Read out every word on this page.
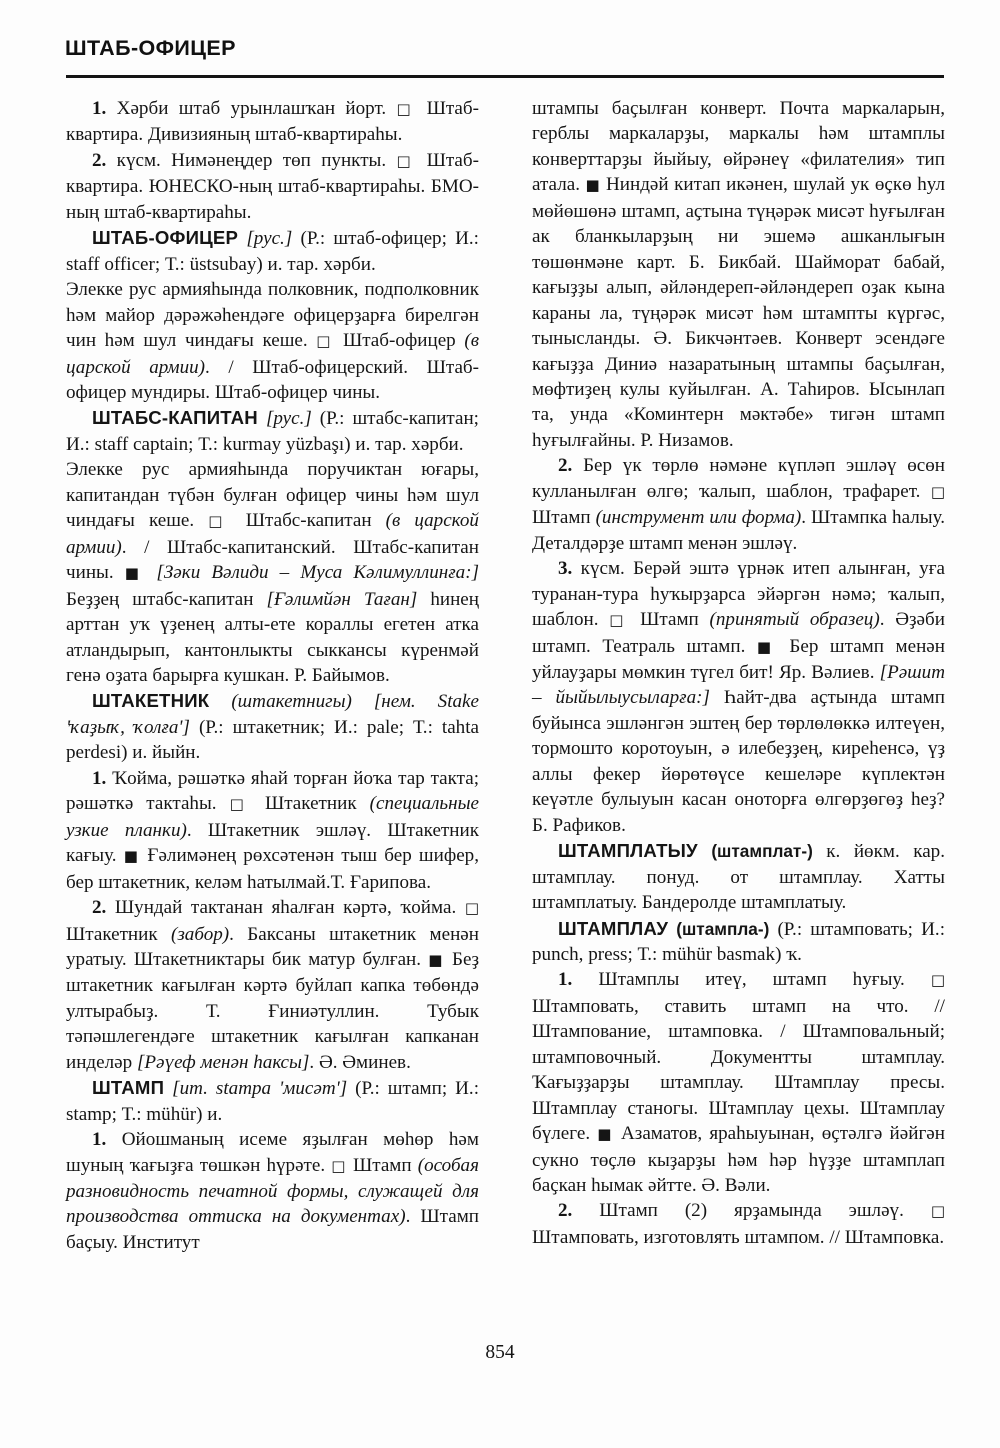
ШТАБ-ОФИЦЕР

1. Хәрби штаб урынлашҡан йорт. □ Штаб-квартира. Дивизияның штаб-квартираһы.

2. күсм. Нимәнеңдер төп пункты. □ Штаб-квартира. ЮНЕСКО-ның штаб-квартираһы. БМО-ның штаб-квартираһы.

ШТАБ-ОФИЦЕР [рус.] (Р.: штаб-офицер; И.: staff officer; Т.: üstsubay) и. тар. хәрби.

Элекке рус армияһында полковник, подполковник һәм майор дәрәжәһендәге офицерҙарға бирелгән чин һәм шул чиндағы кеше. □ Штаб-офицер (в царской армии). / Штаб-офицерский. Штаб-офицер мундиры. Штаб-офицер чины.

ШТАБС-КАПИТАН [рус.] (Р.: штабс-капитан; И.: staff captain; Т.: kurmay yüzbaşı) и. тар. хәрби.

Элекке рус армияһында поручиктан юғары, капитандан түбән булған офицер чины һәм шул чиндағы кеше. □ Штабс-капитан (в царской армии). / Штабс-капитанский. Штабс-капитан чины. ■ [Зәки Вәлиди – Муса Кәлимуллинға:] Беҙҙең штабс-капитан [Ғәлимйән Таған] һинең арттан уҡ үҙенең алты-ете кораллы егетен атка атландырып, кантонлыкты сыккансы күренмәй генә оҙата барырға кушкан. Р. Байымов.

ШТАКЕТНИК (штакетнигы) [нем. Stake 'ҡаҙыҡ, ҡолға'] (Р.: штакетник; И.: pale; Т.: tahta perdesi) и. йыйн.

1. Ҡойма, рәшәткә яһай торған йоҡа тар такта; рәшәткә тактаһы. □ Штакетник (специальные узкие планки). Штакетник эшләү. Штакетник кағыу. ■ Ғәлимәнең рөхсәтенән тыш бер шифер, бер штакетник, келәм һатылмай.Т. Ғарипова.

2. Шундай тактанан яһалған кәртә, ҡойма. □ Штакетник (забор). Баксаны штакетник менән уратыу. Штакетниктары бик матур булған. ■ Беҙ штакетник кағылған кәртә буйлап капка төбөндә ултырабыҙ. Т. Ғиниәтуллин. Тубык тәпәшлегендәге штакетник кағылған капканан инделәр [Рәүеф менән һаксы]. Ә. Әминев.

ШТАМП [ит. stampa 'мисәт'] (Р.: штамп; И.: stamp; Т.: mühür) и.

1. Ойошманың исеме яҙылған мөһөр һәм шуның ҡағыҙға төшкән һүрәте. □ Штамп (особая разновидность печатной формы, служащей для производства оттиска на документах). Штамп баҫыу. Институт

штампы баҫылған конверт. Почта маркаларын, герблы маркаларҙы, маркалы һәм штамплы конверттарҙы йыйыу, өйрәнеү «филателия» тип атала. ■ Ниндәй китап икәнен, шулай ук өҫкө һул мөйөшөнә штамп, аҫтына түңәрәк мисәт һуғылған ак бланкыларҙың ни эшемә ашканлығын төшөнмәне карт. Б. Бикбай. Шайморат бабай, кағыҙҙы алып, әйләндереп-әйләндереп оҙак кына караны ла, түңәрәк мисәт һәм штампты күргәс, тынысланды. Ә. Бикчәнтәев. Конверт эсендәге кағыҙҙа Диниә назаратының штампы баҫылған, мөфтиҙең кулы куйылған. А. Таһиров. Ысынлап та, унда «Коминтерн мәктәбе» тигән штамп һуғылғайны. Р. Низамов.

2. Бер үк төрлө нәмәне күпләп эшләү өсөн кулланылған өлгө; ҡалып, шаблон, трафарет. □ Штамп (инструмент или форма). Штампка һалыу. Деталдәрҙе штамп менән эшләү.

3. күсм. Берәй эштә үрнәк итеп алынған, уға туранан-тура һуҡырҙарса эйәргән нәмә; ҡалып, шаблон. □ Штамп (принятый образец). Әҙәби штамп. Театраль штамп. ■ Бер штамп менән уйлауҙары мөмкин түгел бит! Яр. Вәлиев. [Рәшит – йыйылыусыларға:] Һайт-два аҫтында штамп буйынса эшләнгән эштең бер төрлөлөккә илтеүен, тормошто коротоуын, ә илебеҙҙең, киреһенсә, үҙ аллы фекер йөрөтөүсе кешеләре күплектән кеүәтле булыуын касан оноторға өлгөрҙөгөҙ һеҙ? Б. Рафиков.

ШТАМПЛАТЫУ (штамплат-) к. йөкм. кар. штамплау. понуд. от штамплау. Хатты штамплатыу. Бандеролде штамплатыу.

ШТАМПЛАУ (штампла-) (Р.: штамповать; И.: punch, press; Т.: mühür basmak) ҡ.

1. Штамплы итеү, штамп һуғыу. □ Штамповать, ставить штамп на что. // Штампование, штамповка. / Штамповальный; штамповочный. Документты штамплау. Ҡағыҙҙарҙы штамплау. Штамплау пресы. Штамплау станогы. Штамплау цехы. Штамплау бүлеге. ■ Азаматов, яраһыуынан, өҫтәлгә йәйгән сукно төҫлө кыҙарҙы һәм һәр һүҙҙе штамплап баҫкан һымак әйтте. Ә. Вәли.

2. Штамп (2) ярҙамында эшләү. □ Штамповать, изготовлять штампом. // Штамповка.

854
